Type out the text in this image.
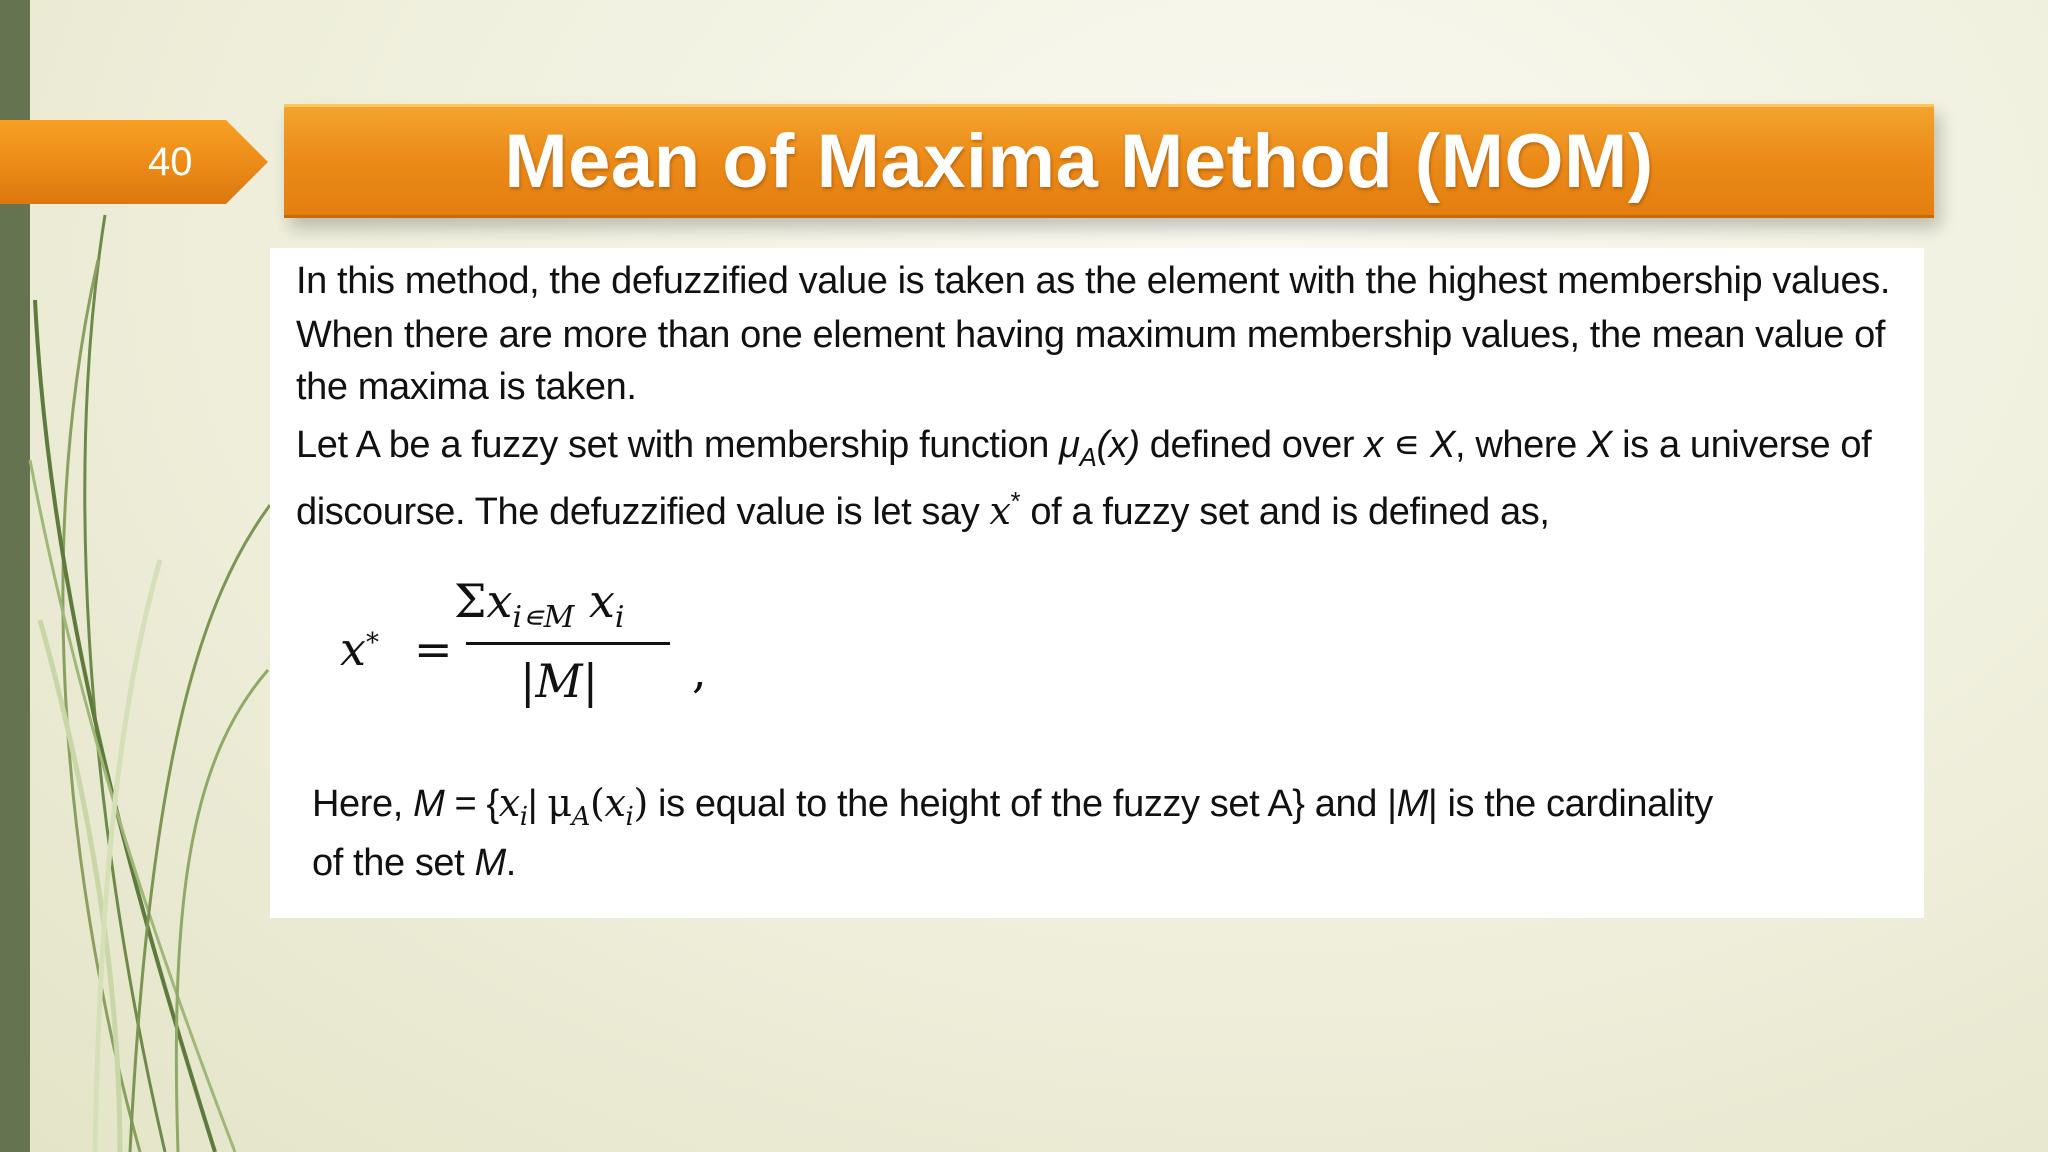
40	Mean of Maxima Method (MOM)

In this method, the defuzzified value is taken as the element with the highest membership values.

When there are more than one element having maximum membership values, the mean value of

the maxima is taken.

Let A be a fuzzy set with membership function $\mu_A(x)$ defined over x ∊ X, where X is a universe of

discourse. The defuzzified value is let say x* of a fuzzy set and is defined as,

x* =
$\Sigma x_{i∊M}$ $x_i$
|M| ,

Here, $M = \{x_i|$ $\mu_A(x_i)$ is equal to the height of the fuzzy set A} and |M| is the cardinality

of the set M.
